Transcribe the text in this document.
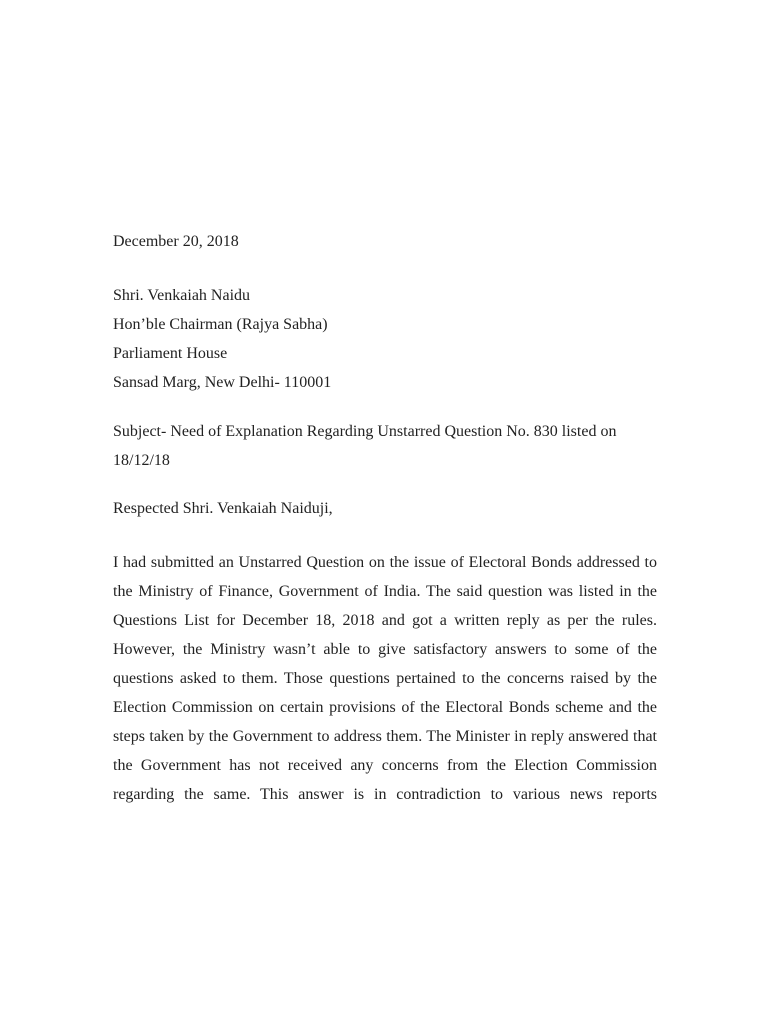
December 20, 2018

Shri. Venkaiah Naidu
Hon’ble Chairman (Rajya Sabha)
Parliament House
Sansad Marg, New Delhi- 110001
Subject- Need of Explanation Regarding Unstarred Question No. 830 listed on
18/12/18
Respected Shri. Venkaiah Naiduji,
I had submitted an Unstarred Question on the issue of Electoral Bonds addressed to
the Ministry of Finance, Government of India. The said question was listed in the
Questions List for December 18, 2018 and got a written reply as per the rules.
However, the Ministry wasn’t able to give satisfactory answers to some of the
questions asked to them. Those questions pertained to the concerns raised by the
Election Commission on certain provisions of the Electoral Bonds scheme and the
steps taken by the Government to address them. The Minister in reply answered that
the Government has not received any concerns from the Election Commission
regarding the same. This answer is in contradiction to various news reports
